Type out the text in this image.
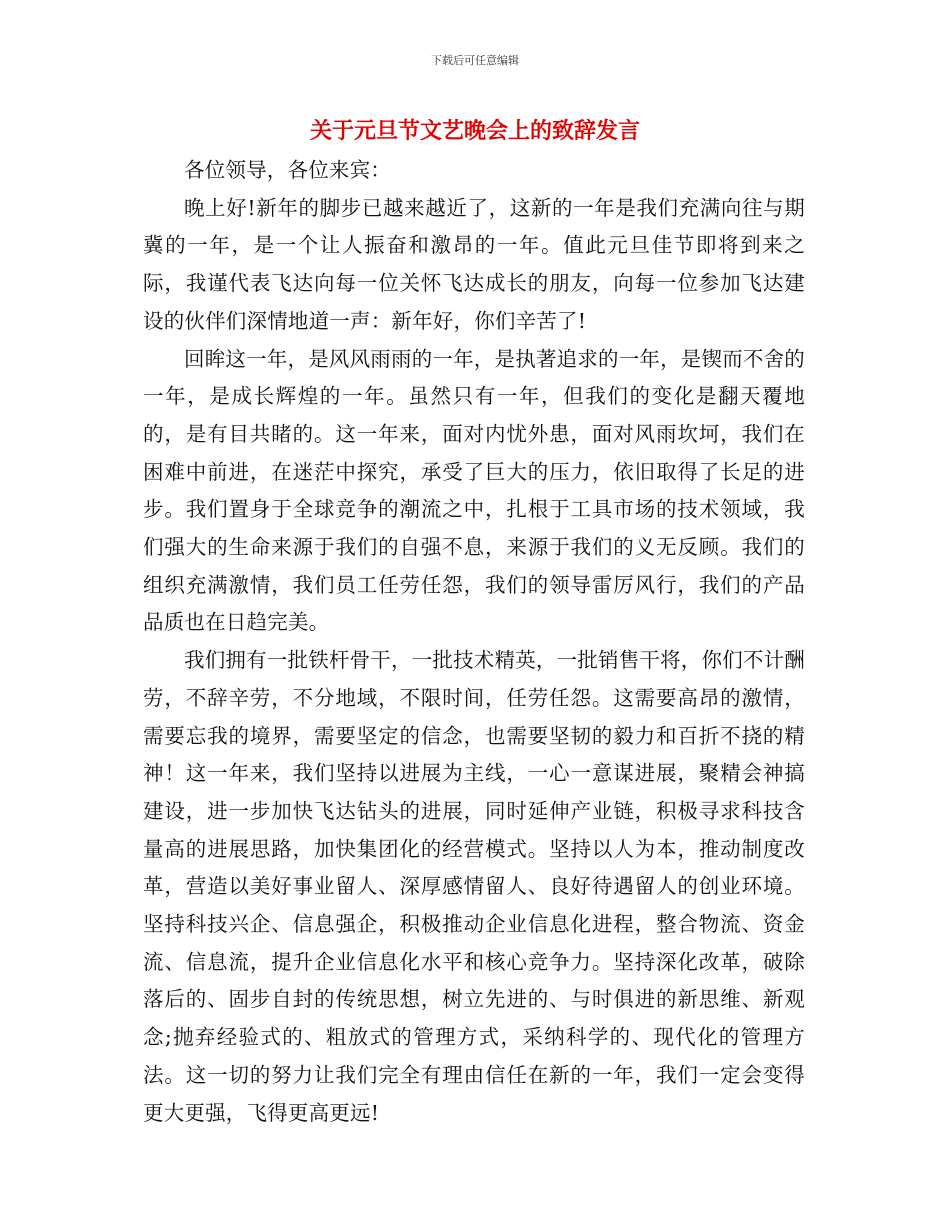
下载后可任意编辑
关于元旦节文艺晚会上的致辞发言

各位领导，各位来宾：

晚上好!新年的脚步已越来越近了，这新的一年是我们充满向往与期冀的一年，是一个让人振奋和激昂的一年。值此元旦佳节即将到来之际，我谨代表飞达向每一位关怀飞达成长的朋友，向每一位参加飞达建设的伙伴们深情地道一声：新年好，你们辛苦了!

回眸这一年，是风风雨雨的一年，是执著追求的一年，是锲而不舍的一年，是成长辉煌的一年。虽然只有一年，但我们的变化是翻天覆地的，是有目共睹的。这一年来，面对内忧外患，面对风雨坎坷，我们在困难中前进，在迷茫中探究，承受了巨大的压力，依旧取得了长足的进步。我们置身于全球竞争的潮流之中，扎根于工具市场的技术领域，我们强大的生命来源于我们的自强不息，来源于我们的义无反顾。我们的组织充满激情，我们员工任劳任怨，我们的领导雷厉风行，我们的产品品质也在日趋完美。

我们拥有一批铁杆骨干，一批技术精英，一批销售干将，你们不计酬劳，不辞辛劳，不分地域，不限时间，任劳任怨。这需要高昂的激情，需要忘我的境界，需要坚定的信念，也需要坚韧的毅力和百折不挠的精神！这一年来，我们坚持以进展为主线，一心一意谋进展，聚精会神搞建设，进一步加快飞达钻头的进展，同时延伸产业链，积极寻求科技含量高的进展思路，加快集团化的经营模式。坚持以人为本，推动制度改革，营造以美好事业留人、深厚感情留人、良好待遇留人的创业环境。坚持科技兴企、信息强企，积极推动企业信息化进程，整合物流、资金流、信息流，提升企业信息化水平和核心竞争力。坚持深化改革，破除落后的、固步自封的传统思想，树立先进的、与时俱进的新思维、新观念;抛弃经验式的、粗放式的管理方式，采纳科学的、现代化的管理方法。这一切的努力让我们完全有理由信任在新的一年，我们一定会变得更大更强，飞得更高更远!
